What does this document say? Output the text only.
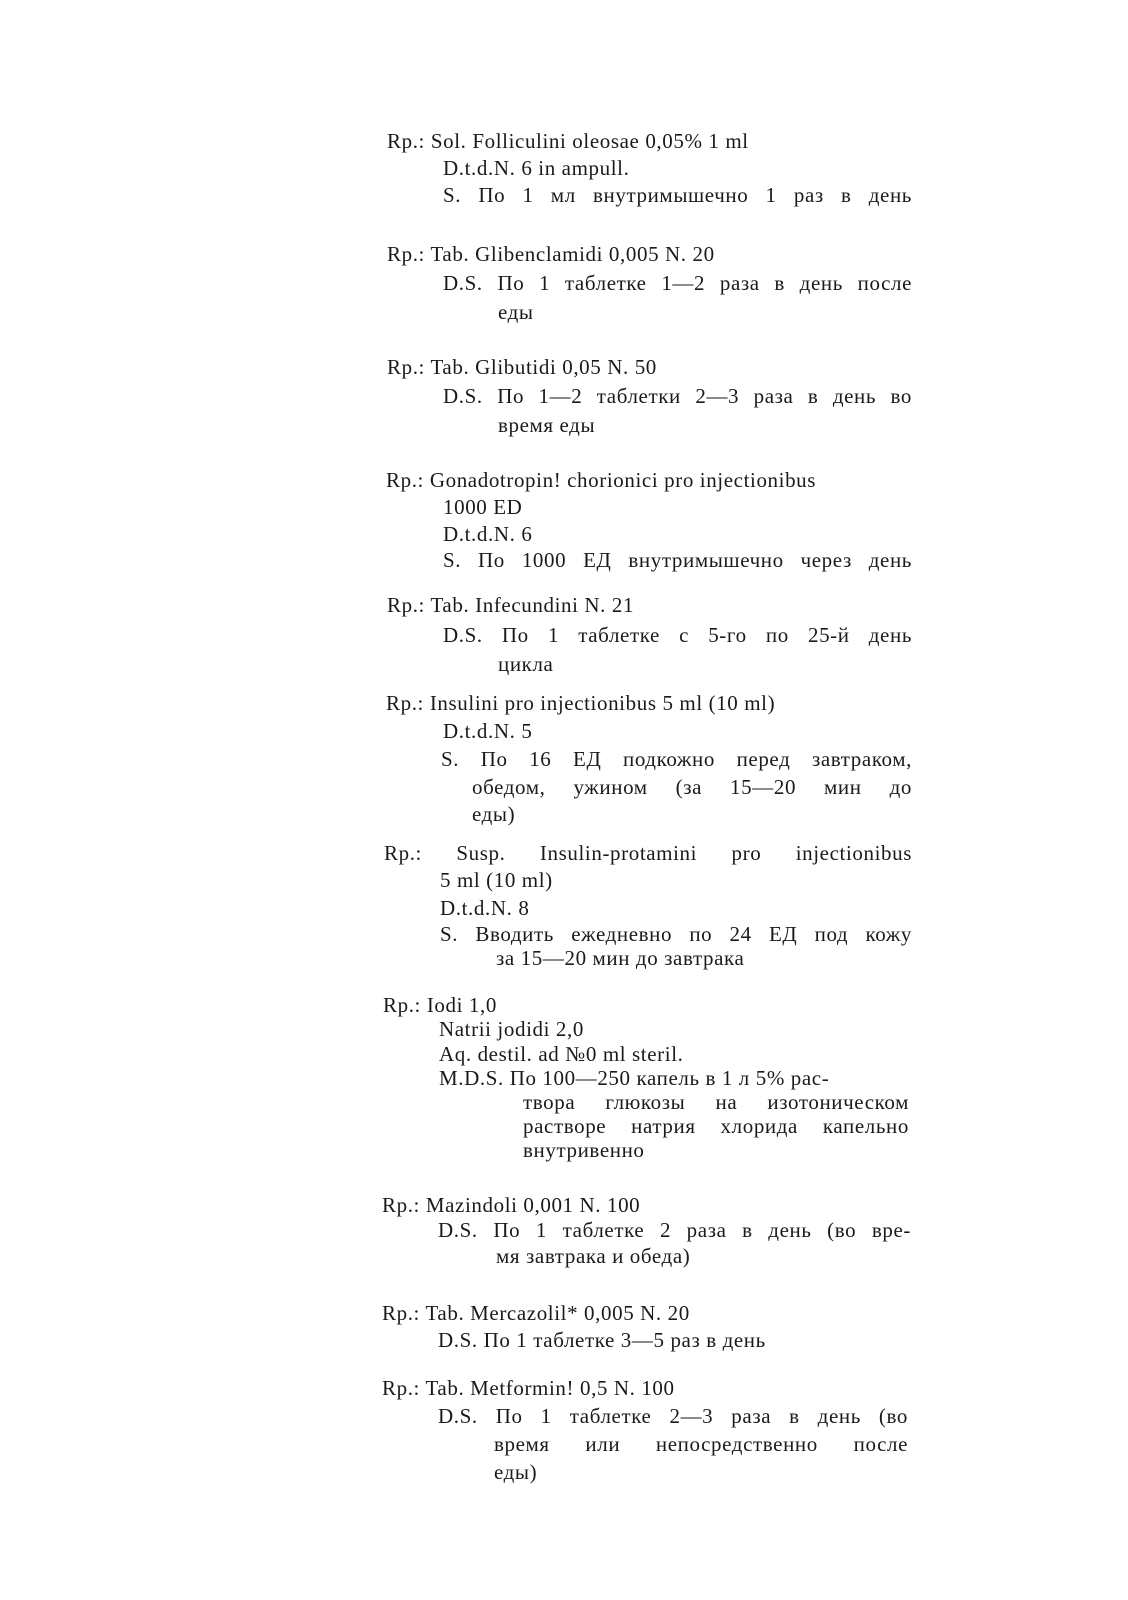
Rp.: Sol. Folliculini oleosae 0,05% 1 ml
D.t.d.N. 6 in ampull.
S. По 1 мл внутримышечно 1 раз в день
Rp.: Tab. Glibenclamidi 0,005 N. 20
D.S. По 1 таблетке 1—2 раза в день после
еды
Rp.: Tab. Glibutidi 0,05 N. 50
D.S. По 1—2 таблетки 2—3 раза в день во
время еды
Rp.: Gonadotropin! chorionici pro injectionibus
1000 ED
D.t.d.N. 6
S. По 1000 ЕД внутримышечно через день
Rp.: Tab. Infecundini N. 21
D.S. По 1 таблетке с 5-го по 25-й день
цикла
Rp.: Insulini pro injectionibus 5 ml (10 ml)
D.t.d.N. 5
S. По 16 ЕД подкожно перед завтраком,
обедом, ужином (за 15—20 мин до
еды)
Rp.: Susp. Insulin-protamini pro injectionibus
5 ml (10 ml)
D.t.d.N. 8
S. Вводить ежедневно по 24 ЕД под кожу
за 15—20 мин до завтрака
Rp.: Iodi 1,0
Natrii jodidi 2,0
Aq. destil. ad №0 ml steril.
M.D.S. По 100—250 капель в 1 л 5% рас-
твора глюкозы на изотоническом
растворе натрия хлорида капельно
внутривенно
Rp.: Mazindoli 0,001 N. 100
D.S. По 1 таблетке 2 раза в день (во вре-
мя завтрака и обеда)
Rp.: Tab. Mercazolil* 0,005 N. 20
D.S. По 1 таблетке 3—5 раз в день
Rp.: Tab. Metformin! 0,5 N. 100
D.S. По 1 таблетке 2—3 раза в день (во
время или непосредственно после
еды)
